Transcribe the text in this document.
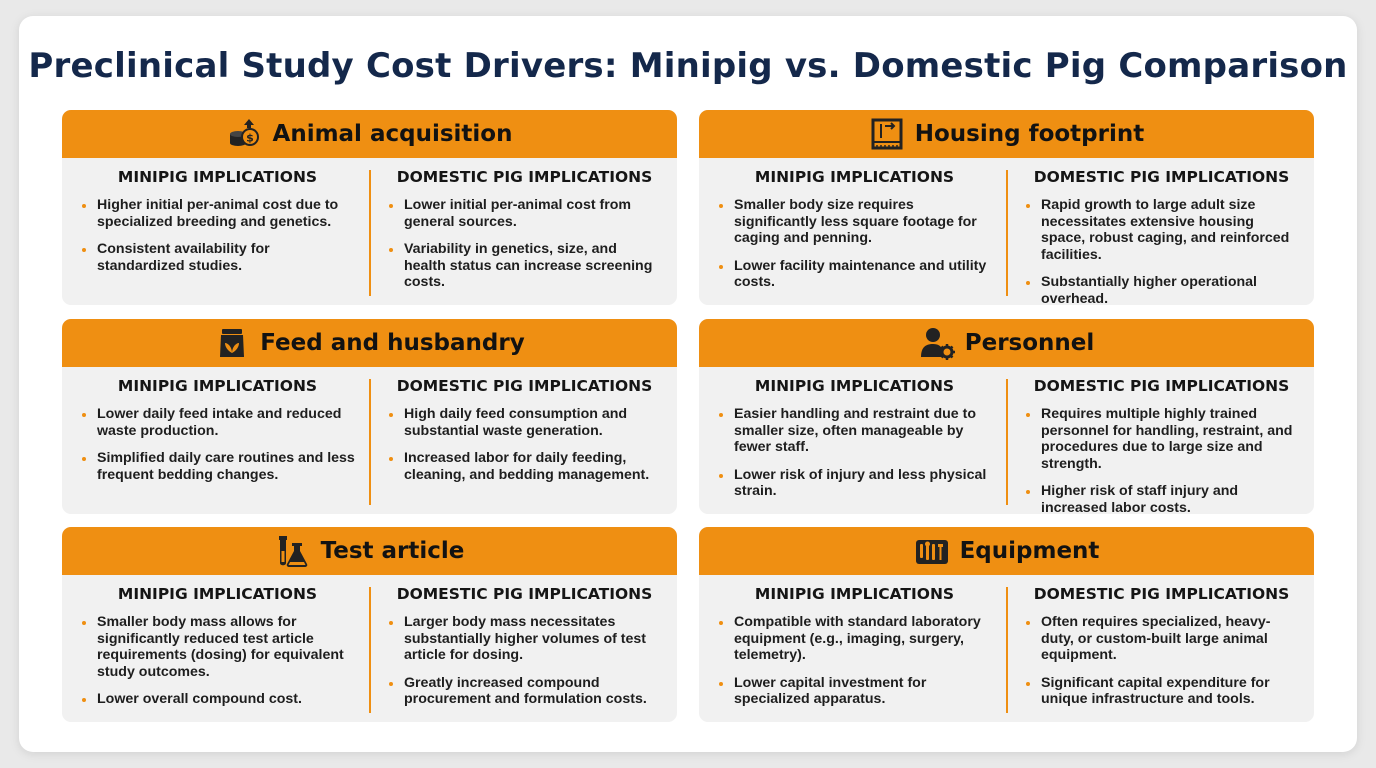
Preclinical Study Cost Drivers: Minipig vs. Domestic Pig Comparison
$ Animal acquisition
MINIPIG IMPLICATIONS
Higher initial per-animal cost due to specialized breeding and genetics.
Consistent availability for standardized studies.
DOMESTIC PIG IMPLICATIONS
Lower initial per-animal cost from general sources.
Variability in genetics, size, and health status can increase screening costs.
Housing footprint
MINIPIG IMPLICATIONS
Smaller body size requires significantly less square footage for caging and penning.
Lower facility maintenance and utility costs.
DOMESTIC PIG IMPLICATIONS
Rapid growth to large adult size necessitates extensive housing space, robust caging, and reinforced facilities.
Substantially higher operational overhead.
Feed and husbandry
MINIPIG IMPLICATIONS
Lower daily feed intake and reduced waste production.
Simplified daily care routines and less frequent bedding changes.
DOMESTIC PIG IMPLICATIONS
High daily feed consumption and substantial waste generation.
Increased labor for daily feeding, cleaning, and bedding management.
Personnel
MINIPIG IMPLICATIONS
Easier handling and restraint due to smaller size, often manageable by fewer staff.
Lower risk of injury and less physical strain.
DOMESTIC PIG IMPLICATIONS
Requires multiple highly trained personnel for handling, restraint, and procedures due to large size and strength.
Higher risk of staff injury and increased labor costs.
Test article
MINIPIG IMPLICATIONS
Smaller body mass allows for significantly reduced test article requirements (dosing) for equivalent study outcomes.
Lower overall compound cost.
DOMESTIC PIG IMPLICATIONS
Larger body mass necessitates substantially higher volumes of test article for dosing.
Greatly increased compound procurement and formulation costs.
Equipment
MINIPIG IMPLICATIONS
Compatible with standard laboratory equipment (e.g., imaging, surgery, telemetry).
Lower capital investment for specialized apparatus.
DOMESTIC PIG IMPLICATIONS
Often requires specialized, heavy-duty, or custom-built large animal equipment.
Significant capital expenditure for unique infrastructure and tools.
